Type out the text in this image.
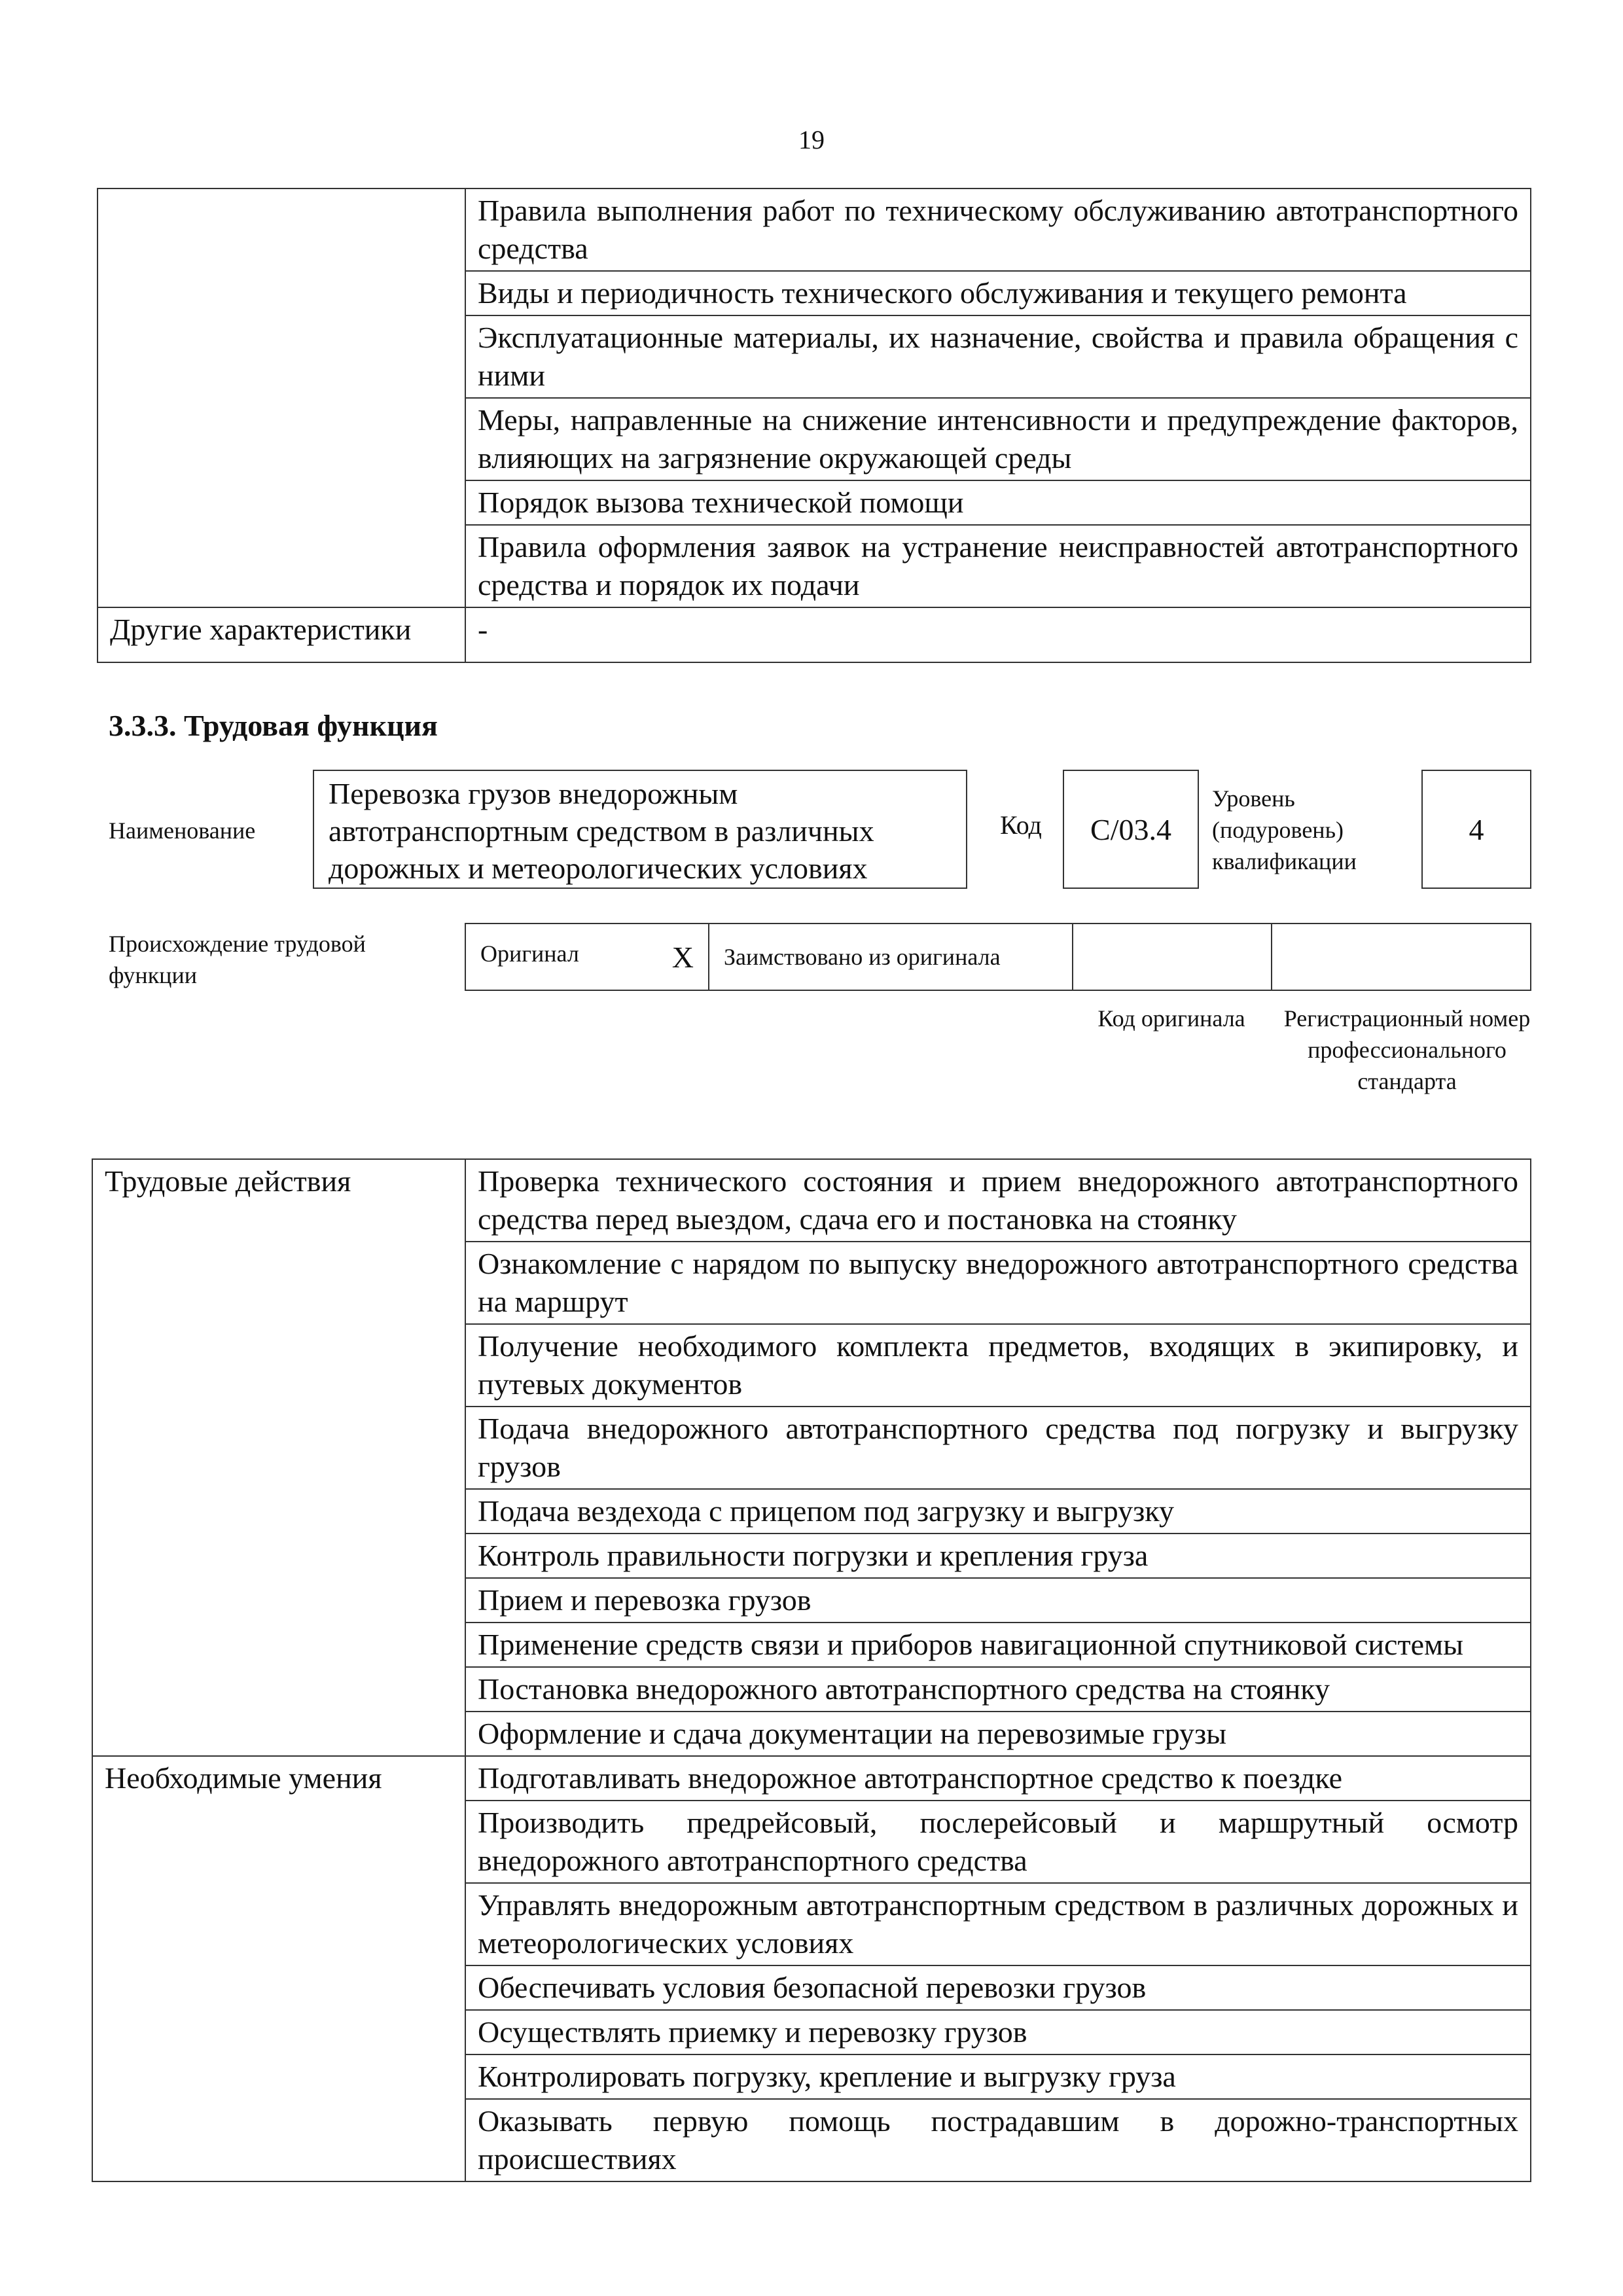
19
	Правила выполнения работ по техническому обслуживанию автотранспортного средства
	Виды и периодичность технического обслуживания и текущего ремонта
	Эксплуатационные материалы, их назначение, свойства и правила обращения с ними
	Меры, направленные на снижение интенсивности и предупреждение факторов, влияющих на загрязнение окружающей среды
	Порядок вызова технической помощи
	Правила оформления заявок на устранение неисправностей автотранспортного средства и порядок их подачи
Другие характеристики	-
3.3.3. Трудовая функция
Наименование
Перевозка грузов внедорожным автотранспортным средством в различных дорожных и метеорологических условиях
Код	С/03.4
Уровень (подуровень) квалификации
4
Происхождение трудовой функции
Оригинал	X	Заимствовано из оригинала		
Код оригинала	Регистрационный номер профессионального стандарта
Трудовые действия	Проверка технического состояния и прием внедорожного автотранспортного средства перед выездом, сдача его и постановка на стоянку
	Ознакомление с нарядом по выпуску внедорожного автотранспортного средства на маршрут
	Получение необходимого комплекта предметов, входящих в экипировку, и путевых документов
	Подача внедорожного автотранспортного средства под погрузку и выгрузку грузов
	Подача вездехода с прицепом под загрузку и выгрузку
	Контроль правильности погрузки и крепления груза
	Прием и перевозка грузов
	Применение средств связи и приборов навигационной спутниковой системы
	Постановка внедорожного автотранспортного средства на стоянку
	Оформление и сдача документации на перевозимые грузы
Необходимые умения	Подготавливать внедорожное автотранспортное средство к поездке
	Производить предрейсовый, послерейсовый и маршрутный осмотр внедорожного автотранспортного средства
	Управлять внедорожным автотранспортным средством в различных дорожных и метеорологических условиях
	Обеспечивать условия безопасной перевозки грузов
	Осуществлять приемку и перевозку грузов
	Контролировать погрузку, крепление и выгрузку груза
	Оказывать первую помощь пострадавшим в дорожно-транспортных происшествиях
